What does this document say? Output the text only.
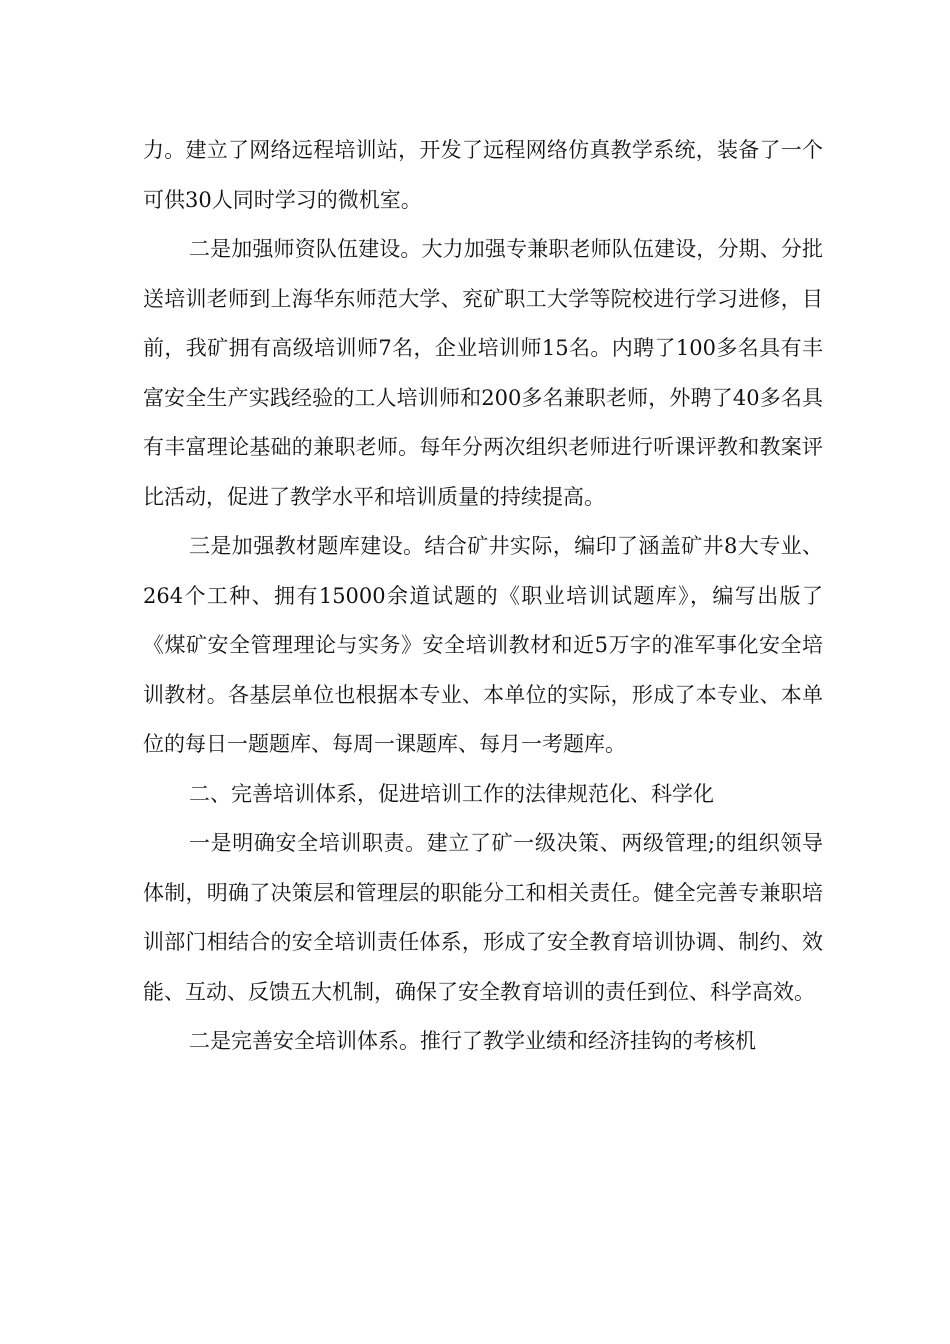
力。建立了网络远程培训站，开发了远程网络仿真教学系统，装备了一个可供30人同时学习的微机室。

二是加强师资队伍建设。大力加强专兼职老师队伍建设，分期、分批送培训老师到上海华东师范大学、兖矿职工大学等院校进行学习进修，目前，我矿拥有高级培训师7名，企业培训师15名。内聘了100多名具有丰富安全生产实践经验的工人培训师和200多名兼职老师，外聘了40多名具有丰富理论基础的兼职老师。每年分两次组织老师进行听课评教和教案评比活动，促进了教学水平和培训质量的持续提高。

三是加强教材题库建设。结合矿井实际，编印了涵盖矿井8大专业、264个工种、拥有15000余道试题的《职业培训试题库》，编写出版了《煤矿安全管理理论与实务》安全培训教材和近5万字的准军事化安全培训教材。各基层单位也根据本专业、本单位的实际，形成了本专业、本单位的每日一题题库、每周一课题库、每月一考题库。

二、完善培训体系，促进培训工作的法律规范化、科学化

一是明确安全培训职责。建立了矿一级决策、两级管理;的组织领导体制，明确了决策层和管理层的职能分工和相关责任。健全完善专兼职培训部门相结合的安全培训责任体系，形成了安全教育培训协调、制约、效能、互动、反馈五大机制，确保了安全教育培训的责任到位、科学高效。

二是完善安全培训体系。推行了教学业绩和经济挂钩的考核机
